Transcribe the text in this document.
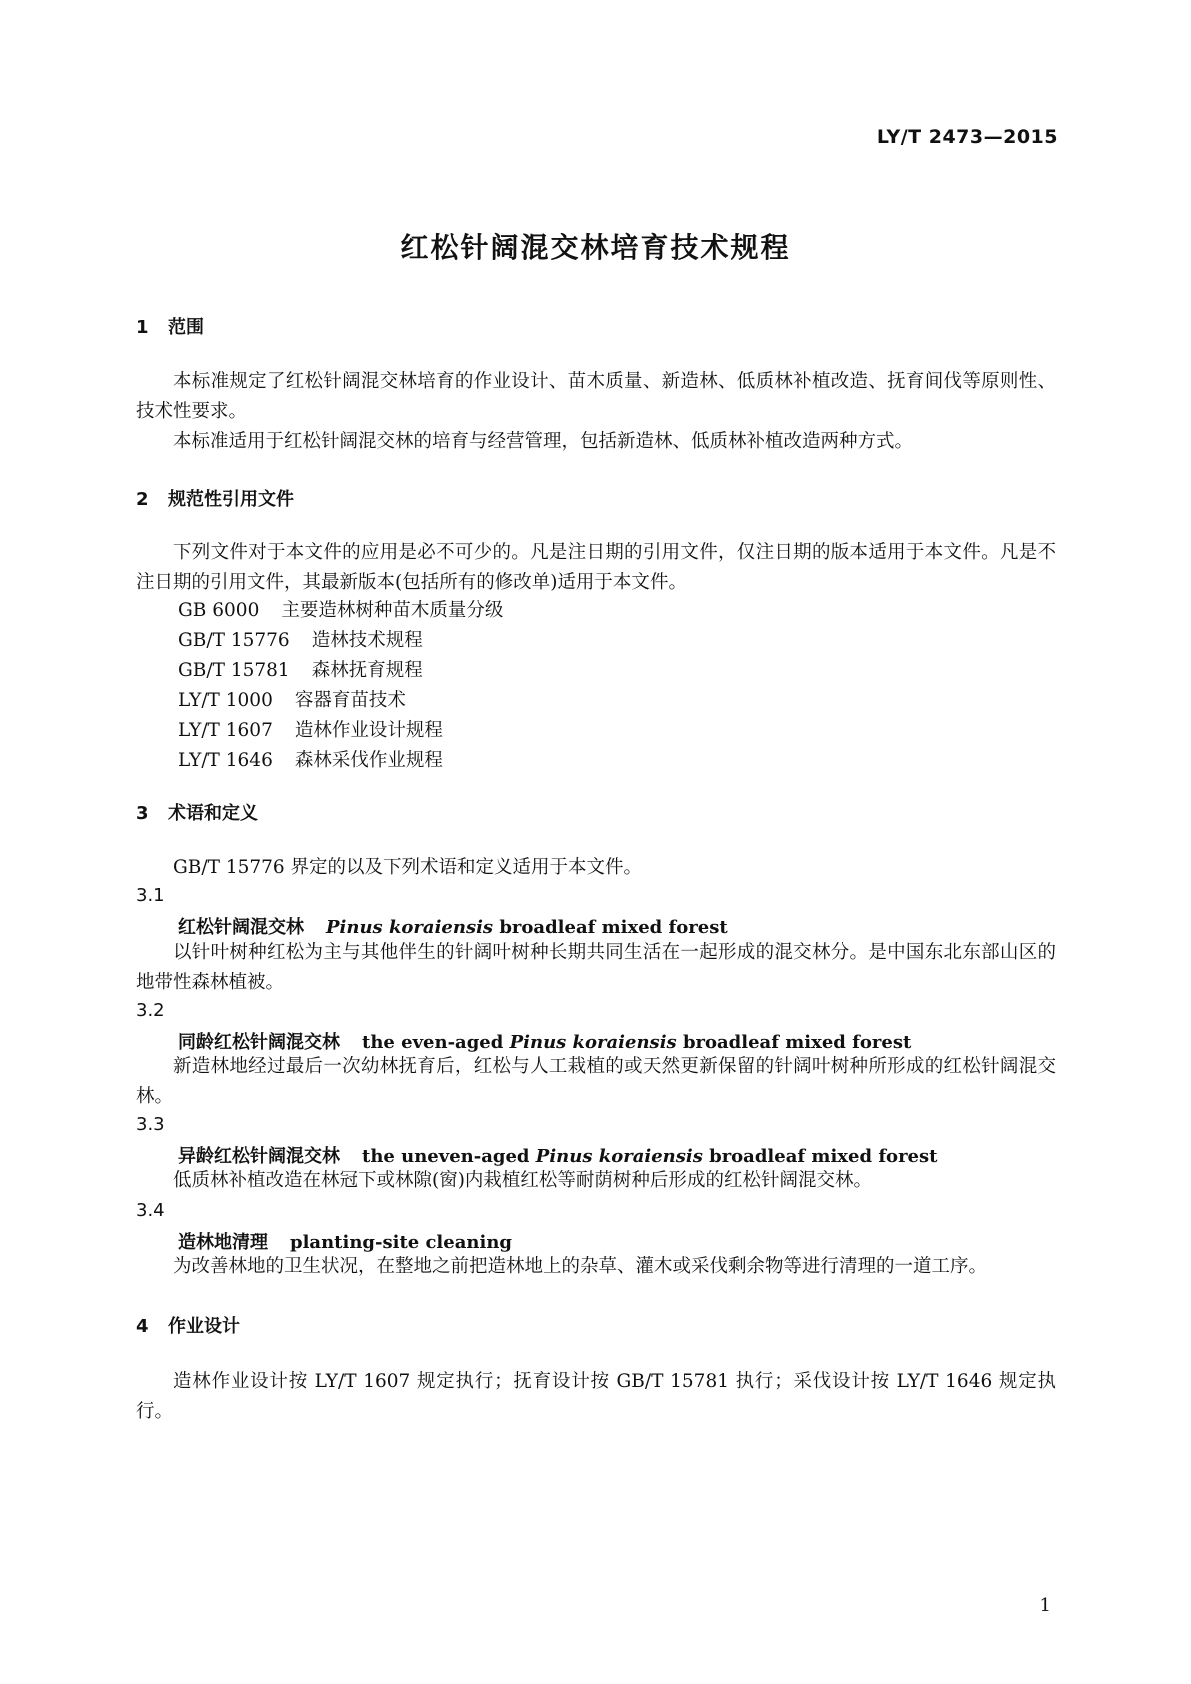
LY/T 2473—2015
红松针阔混交林培育技术规程
1 范围

本标准规定了红松针阔混交林培育的作业设计、苗木质量、新造林、低质林补植改造、抚育间伐等原则性、技术性要求。

本标准适用于红松针阔混交林的培育与经营管理，包括新造林、低质林补植改造两种方式。

2 规范性引用文件

下列文件对于本文件的应用是必不可少的。凡是注日期的引用文件，仅注日期的版本适用于本文件。凡是不注日期的引用文件，其最新版本(包括所有的修改单)适用于本文件。

GB 6000 主要造林树种苗木质量分级
GB/T 15776 造林技术规程
GB/T 15781 森林抚育规程
LY/T 1000 容器育苗技术
LY/T 1607 造林作业设计规程
LY/T 1646 森林采伐作业规程
3 术语和定义

GB/T 15776 界定的以及下列术语和定义适用于本文件。

3.1
红松针阔混交林 Pinus koraiensis broadleaf mixed forest

以针叶树种红松为主与其他伴生的针阔叶树种长期共同生活在一起形成的混交林分。是中国东北东部山区的地带性森林植被。

3.2
同龄红松针阔混交林 the even-aged Pinus koraiensis broadleaf mixed forest

新造林地经过最后一次幼林抚育后，红松与人工栽植的或天然更新保留的针阔叶树种所形成的红松针阔混交林。

3.3
异龄红松针阔混交林 the uneven-aged Pinus koraiensis broadleaf mixed forest

低质林补植改造在林冠下或林隙(窗)内栽植红松等耐荫树种后形成的红松针阔混交林。

3.4
造林地清理 planting-site cleaning

为改善林地的卫生状况，在整地之前把造林地上的杂草、灌木或采伐剩余物等进行清理的一道工序。

4 作业设计

造林作业设计按 LY/T 1607 规定执行；抚育设计按 GB/T 15781 执行；采伐设计按 LY/T 1646 规定执行。

1
